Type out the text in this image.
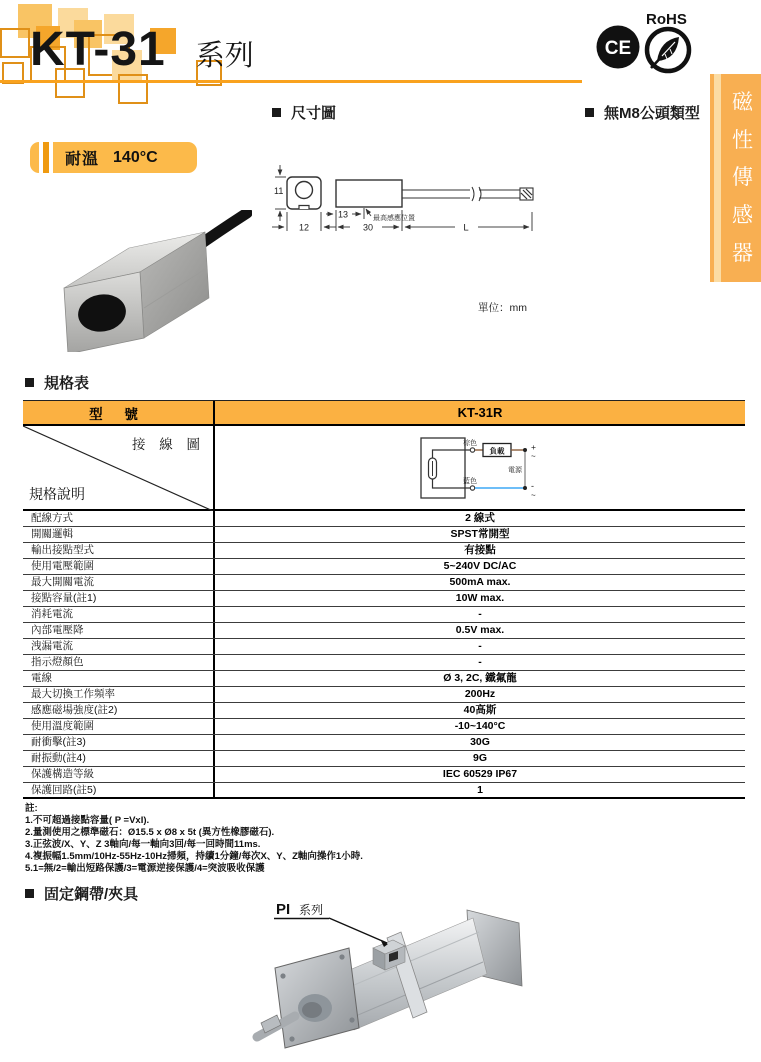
KT-31 系列
RoHS
CE
磁
性
傳
感
器
尺寸圖	無M8公頭類型
規格表
固定鋼帶/夾具
耐溫 140°C
11
12
13
30	L
最高感應位置
單位：mm
型 號	KT-31R
接 線 圖
規格說明
棕色
藍色
負載
電源
+
~
-
~
配線方式	2 線式
開關邏輯	SPST常開型
輸出接點型式	有接點
使用電壓範圍	5~240V DC/AC
最大開關電流	500mA max.
接點容量(註1)	10W max.
消耗電流	-
內部電壓降	0.5V max.
洩漏電流	-
指示燈顏色	-
電線	Ø 3, 2C, 鐵氟龍
最大切換工作頻率	200Hz
感應磁場強度(註2)	40高斯
使用溫度範圍	-10~140°C
耐衝擊(註3)	30G
耐振動(註4)	9G
保護構造等級	IEC 60529 IP67
保護回路(註5)	1
註:
1.不可超過接點容量( P =VxI).
2.量測使用之標準磁石：Ø15.5 x Ø8 x 5t (異方性橡膠磁石).
3.正弦波/X、Y、Z 3軸向/每一軸向3回/每一回時間11ms.
4.複振幅1.5mm/10Hz-55Hz-10Hz掃頻，持續1分鐘/每次X、Y、Z軸向操作1小時.
5.1=無/2=輸出短路保護/3=電源逆接保護/4=突波吸收保護
PI 系列
